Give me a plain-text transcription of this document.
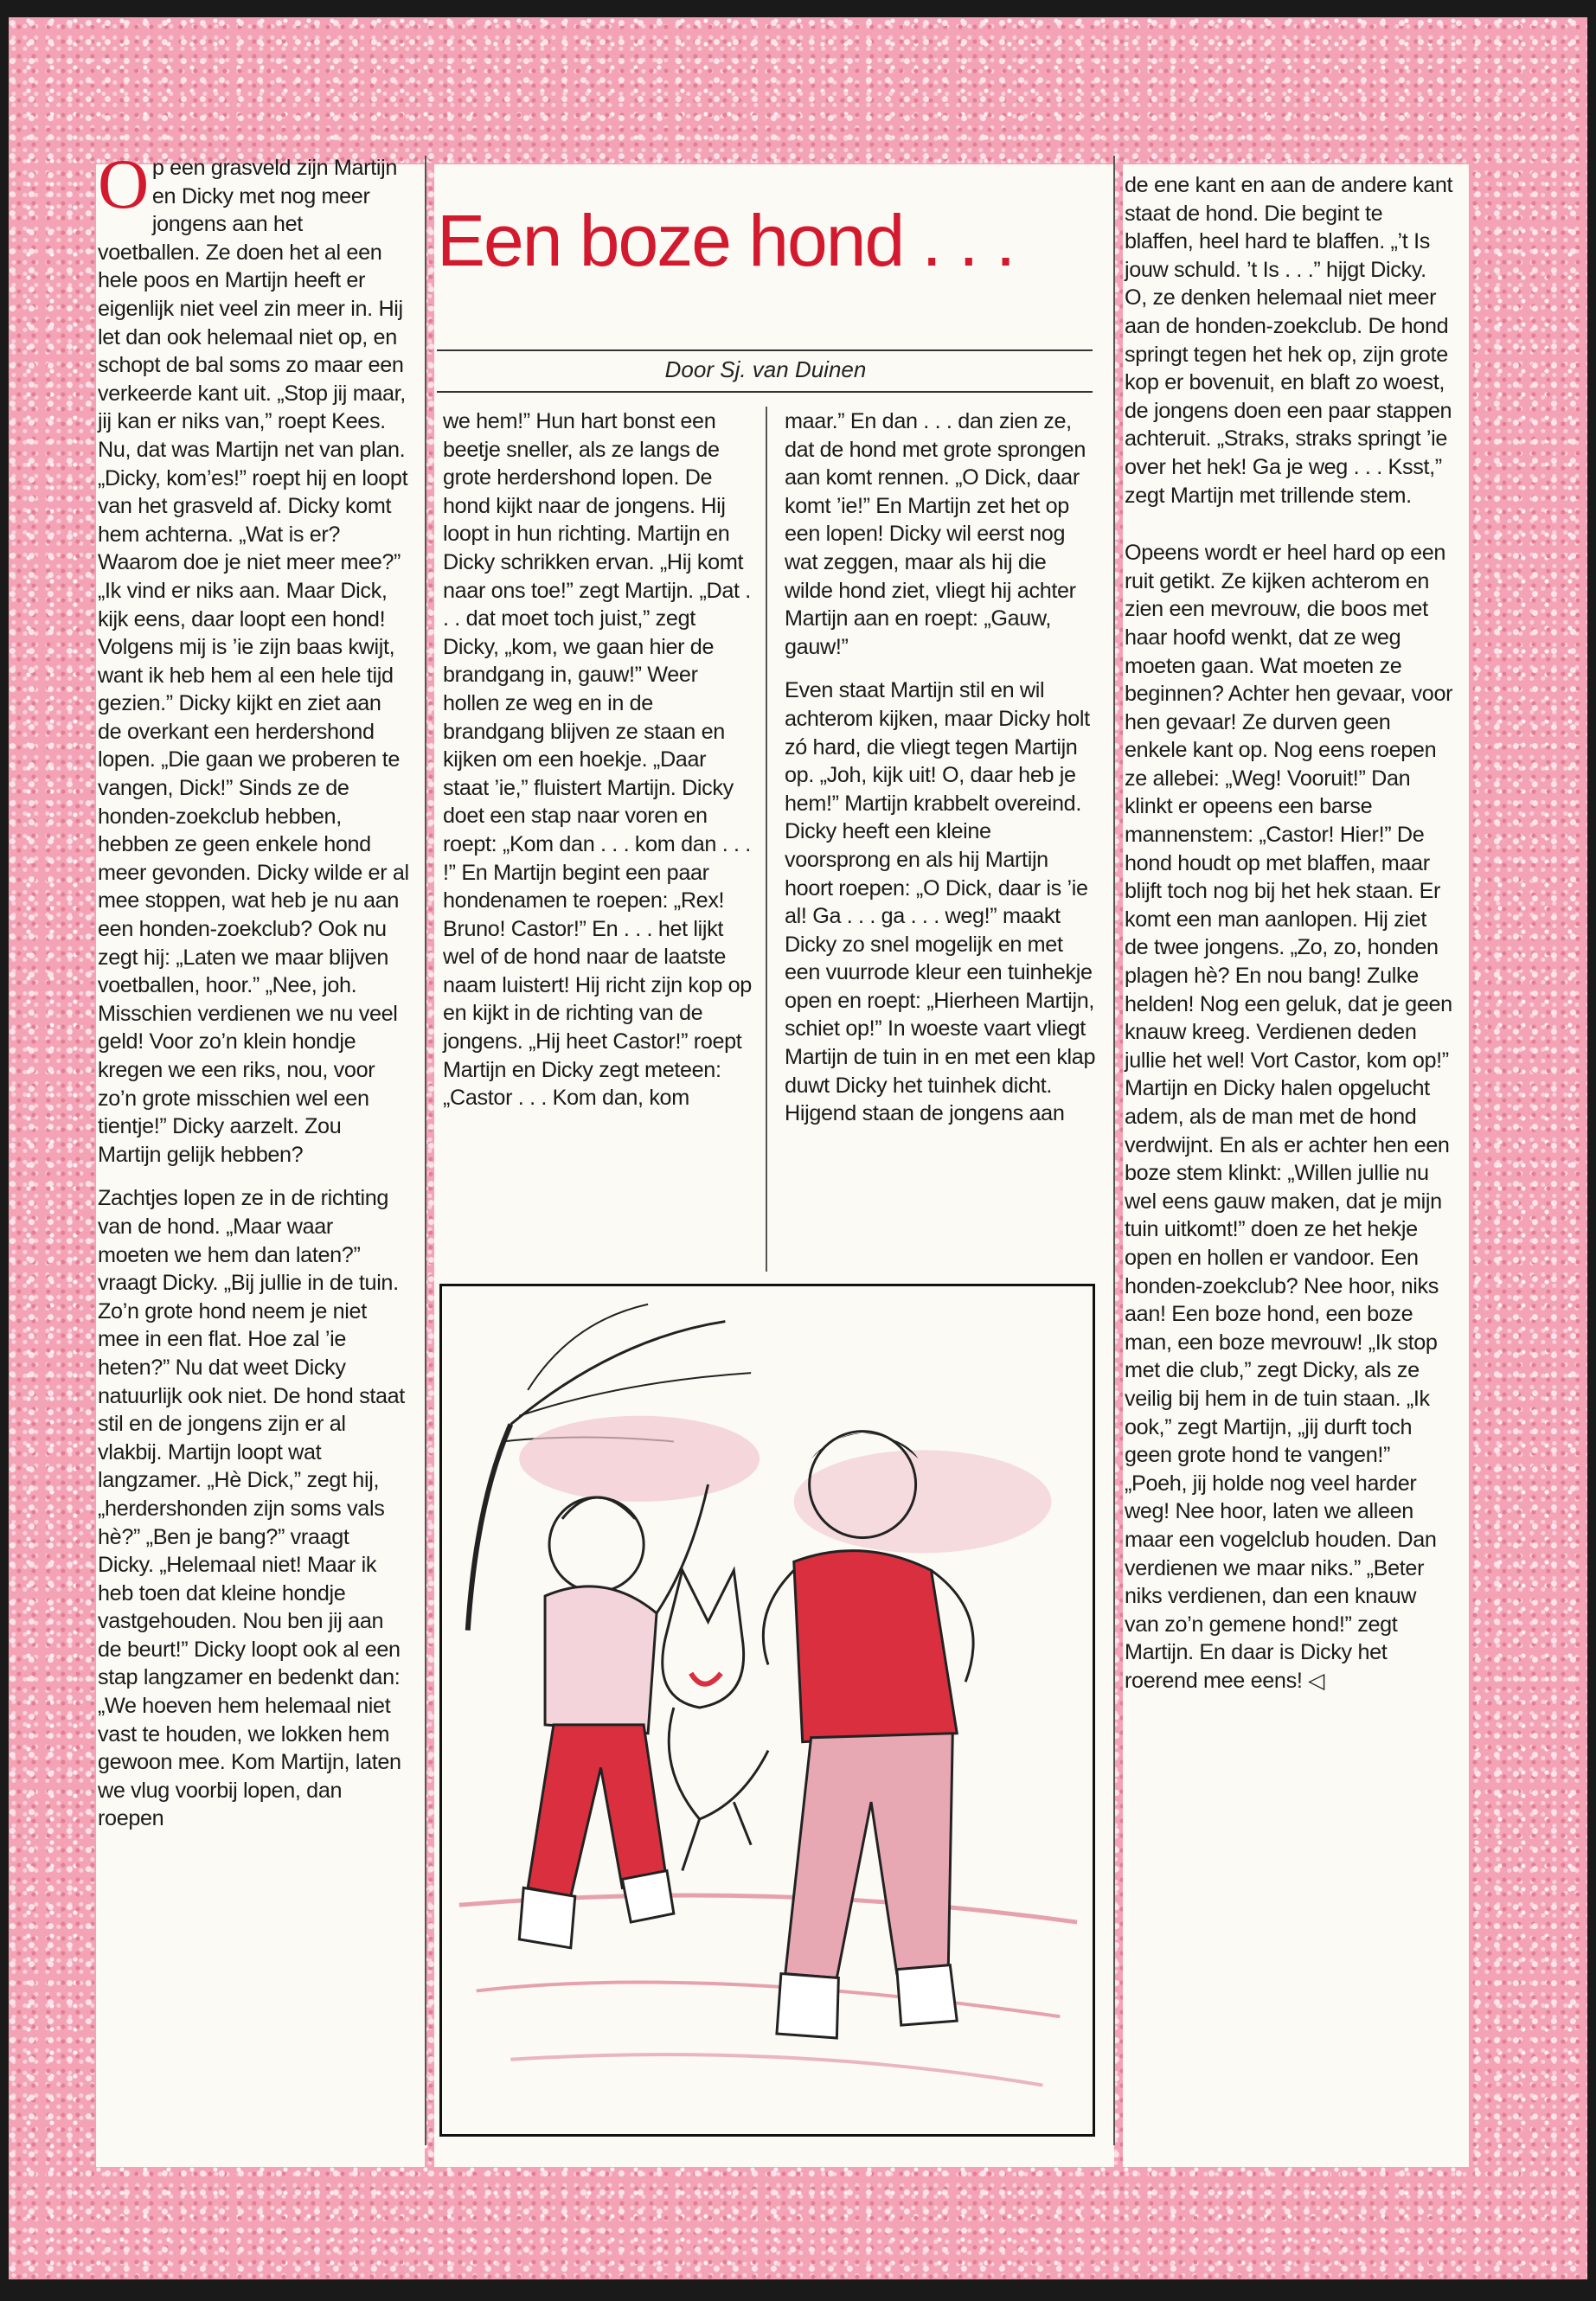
Een boze hond . . .
Door Sj. van Duinen

Op een grasveld zijn Martijn en Dicky met nog meer jongens aan het voetballen. Ze doen het al een hele poos en Martijn heeft er eigenlijk niet veel zin meer in. Hij let dan ook helemaal niet op, en schopt de bal soms zo maar een verkeerde kant uit. „Stop jij maar, jij kan er niks van,” roept Kees. Nu, dat was Martijn net van plan. „Dicky, kom’es!” roept hij en loopt van het grasveld af. Dicky komt hem achterna. „Wat is er? Waarom doe je niet meer mee?” „Ik vind er niks aan. Maar Dick, kijk eens, daar loopt een hond! Volgens mij is ’ie zijn baas kwijt, want ik heb hem al een hele tijd gezien.” Dicky kijkt en ziet aan de overkant een herdershond lopen. „Die gaan we proberen te vangen, Dick!” Sinds ze de honden-zoekclub hebben, hebben ze geen enkele hond meer gevonden. Dicky wilde er al mee stoppen, wat heb je nu aan een honden-zoekclub? Ook nu zegt hij: „Laten we maar blijven voetballen, hoor.” „Nee, joh. Misschien verdienen we nu veel geld! Voor zo’n klein hondje kregen we een riks, nou, voor zo’n grote misschien wel een tientje!” Dicky aarzelt. Zou Martijn gelijk hebben?

Zachtjes lopen ze in de richting van de hond. „Maar waar moeten we hem dan laten?” vraagt Dicky. „Bij jullie in de tuin. Zo’n grote hond neem je niet mee in een flat. Hoe zal ’ie heten?” Nu dat weet Dicky natuurlijk ook niet. De hond staat stil en de jongens zijn er al vlakbij. Martijn loopt wat langzamer. „Hè Dick,” zegt hij, „herdershonden zijn soms vals hè?” „Ben je bang?” vraagt Dicky. „Helemaal niet! Maar ik heb toen dat kleine hondje vastgehouden. Nou ben jij aan de beurt!” Dicky loopt ook al een stap langzamer en bedenkt dan: „We hoeven hem helemaal niet vast te houden, we lokken hem gewoon mee. Kom Martijn, laten we vlug voorbij lopen, dan roepen

we hem!” Hun hart bonst een beetje sneller, als ze langs de grote herdershond lopen. De hond kijkt naar de jongens. Hij loopt in hun richting. Martijn en Dicky schrikken ervan. „Hij komt naar ons toe!” zegt Martijn. „Dat . . . dat moet toch juist,” zegt Dicky, „kom, we gaan hier de brandgang in, gauw!” Weer hollen ze weg en in de brandgang blijven ze staan en kijken om een hoekje. „Daar staat ’ie,” fluistert Martijn. Dicky doet een stap naar voren en roept: „Kom dan . . . kom dan . . . !” En Martijn begint een paar hondenamen te roepen: „Rex! Bruno! Castor!” En . . . het lijkt wel of de hond naar de laatste naam luistert! Hij richt zijn kop op en kijkt in de richting van de jongens. „Hij heet Castor!” roept Martijn en Dicky zegt meteen: „Castor . . . Kom dan, kom

maar.” En dan . . . dan zien ze, dat de hond met grote sprongen aan komt rennen. „O Dick, daar komt ’ie!” En Martijn zet het op een lopen! Dicky wil eerst nog wat zeggen, maar als hij die wilde hond ziet, vliegt hij achter Martijn aan en roept: „Gauw, gauw!”

Even staat Martijn stil en wil achterom kijken, maar Dicky holt zó hard, die vliegt tegen Martijn op. „Joh, kijk uit! O, daar heb je hem!” Martijn krabbelt overeind. Dicky heeft een kleine voorsprong en als hij Martijn hoort roepen: „O Dick, daar is ’ie al! Ga . . . ga . . . weg!” maakt Dicky zo snel mogelijk en met een vuurrode kleur een tuinhekje open en roept: „Hierheen Martijn, schiet op!” In woeste vaart vliegt Martijn de tuin in en met een klap duwt Dicky het tuinhek dicht. Hijgend staan de jongens aan

de ene kant en aan de andere kant staat de hond. Die begint te blaffen, heel hard te blaffen. „’t Is jouw schuld. ’t Is . . .” hijgt Dicky. O, ze denken helemaal niet meer aan de honden-zoekclub. De hond springt tegen het hek op, zijn grote kop er bovenuit, en blaft zo woest, de jongens doen een paar stappen achteruit. „Straks, straks springt ’ie over het hek! Ga je weg . . . Ksst,” zegt Martijn met trillende stem.

Opeens wordt er heel hard op een ruit getikt. Ze kijken achterom en zien een mevrouw, die boos met haar hoofd wenkt, dat ze weg moeten gaan. Wat moeten ze beginnen? Achter hen gevaar, voor hen gevaar! Ze durven geen enkele kant op. Nog eens roepen ze allebei: „Weg! Vooruit!” Dan klinkt er opeens een barse mannenstem: „Castor! Hier!” De hond houdt op met blaffen, maar blijft toch nog bij het hek staan. Er komt een man aanlopen. Hij ziet de twee jongens. „Zo, zo, honden plagen hè? En nou bang! Zulke helden! Nog een geluk, dat je geen knauw kreeg. Verdienen deden jullie het wel! Vort Castor, kom op!” Martijn en Dicky halen opgelucht adem, als de man met de hond verdwijnt. En als er achter hen een boze stem klinkt: „Willen jullie nu wel eens gauw maken, dat je mijn tuin uitkomt!” doen ze het hekje open en hollen er vandoor. Een honden-zoekclub? Nee hoor, niks aan! Een boze hond, een boze man, een boze mevrouw! „Ik stop met die club,” zegt Dicky, als ze veilig bij hem in de tuin staan. „Ik ook,” zegt Martijn, „jij durft toch geen grote hond te vangen!” „Poeh, jij holde nog veel harder weg! Nee hoor, laten we alleen maar een vogelclub houden. Dan verdienen we maar niks.” „Beter niks verdienen, dan een knauw van zo’n gemene hond!” zegt Martijn. En daar is Dicky het roerend mee eens! ◁
